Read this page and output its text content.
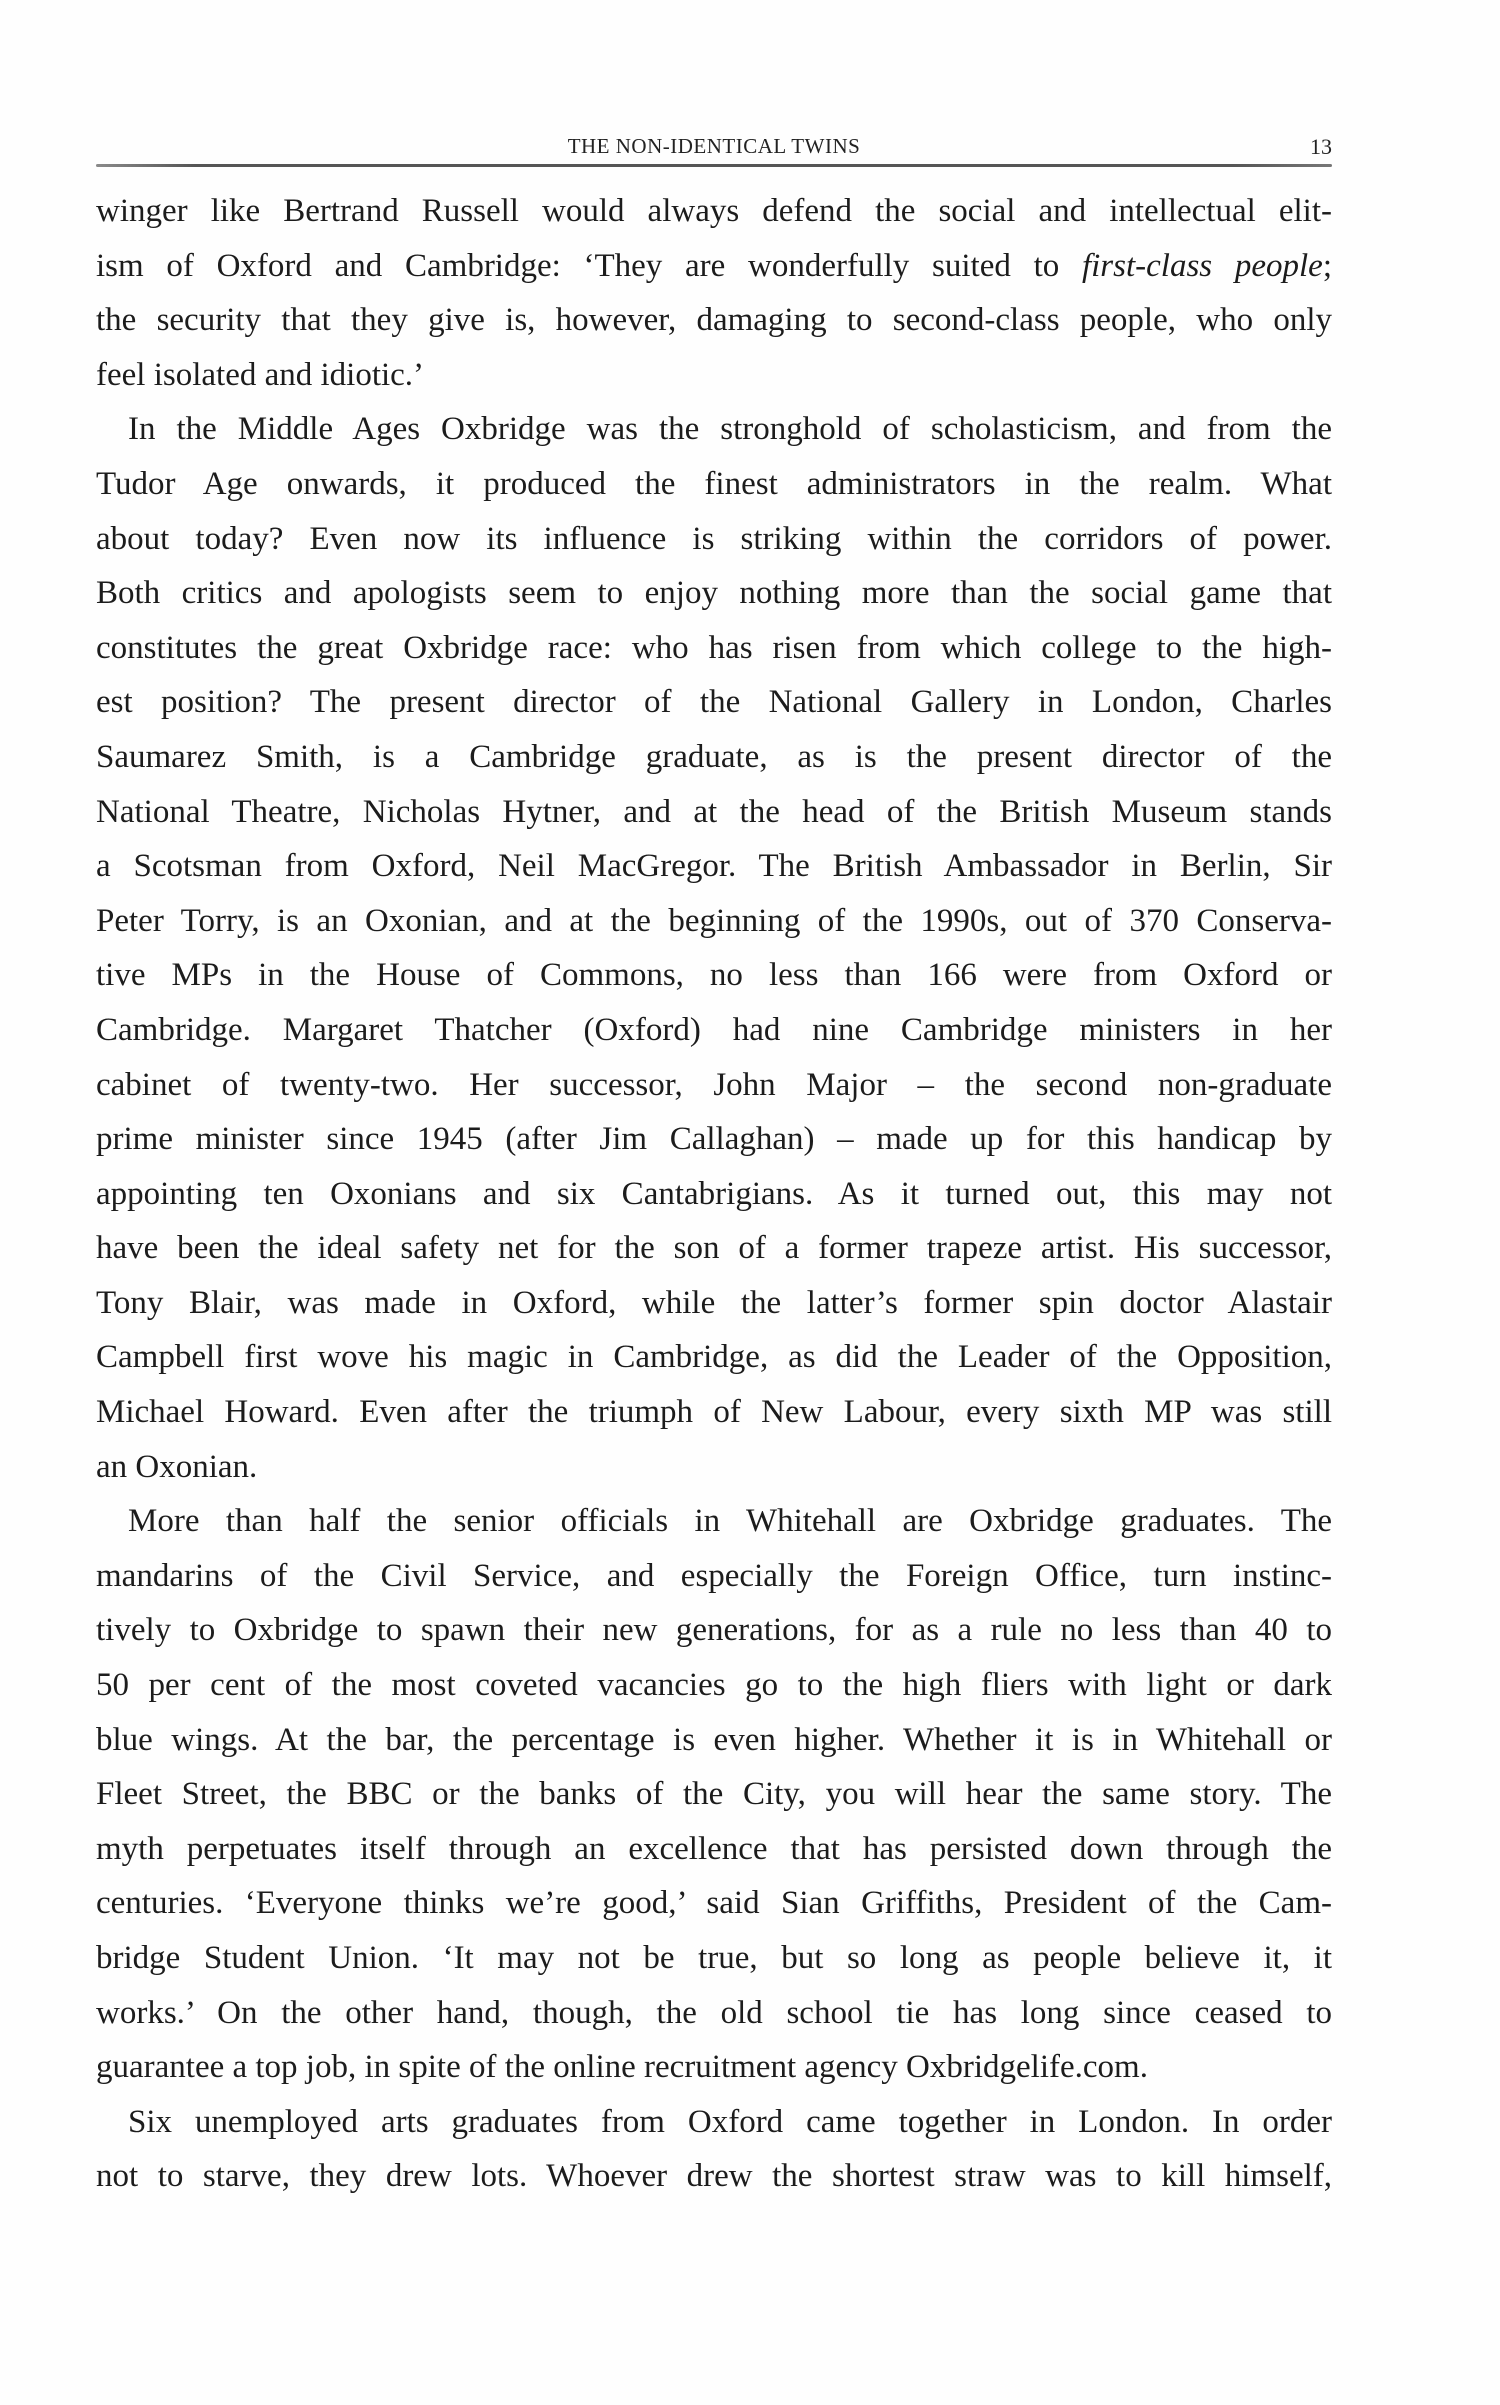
THE NON-IDENTICAL TWINS	13
winger like Bertrand Russell would always defend the social and intellectual elit-
ism of Oxford and Cambridge: ‘They are wonderfully suited to first-class people;
the security that they give is, however, damaging to second-class people, who only
feel isolated and idiotic.’
In the Middle Ages Oxbridge was the stronghold of scholasticism, and from the
Tudor Age onwards, it produced the finest administrators in the realm. What
about today? Even now its influence is striking within the corridors of power.
Both critics and apologists seem to enjoy nothing more than the social game that
constitutes the great Oxbridge race: who has risen from which college to the high-
est position? The present director of the National Gallery in London, Charles
Saumarez Smith, is a Cambridge graduate, as is the present director of the
National Theatre, Nicholas Hytner, and at the head of the British Museum stands
a Scotsman from Oxford, Neil MacGregor. The British Ambassador in Berlin, Sir
Peter Torry, is an Oxonian, and at the beginning of the 1990s, out of 370 Conserva-
tive MPs in the House of Commons, no less than 166 were from Oxford or
Cambridge. Margaret Thatcher (Oxford) had nine Cambridge ministers in her
cabinet of twenty-two. Her successor, John Major – the second non-graduate
prime minister since 1945 (after Jim Callaghan) – made up for this handicap by
appointing ten Oxonians and six Cantabrigians. As it turned out, this may not
have been the ideal safety net for the son of a former trapeze artist. His successor,
Tony Blair, was made in Oxford, while the latter’s former spin doctor Alastair
Campbell first wove his magic in Cambridge, as did the Leader of the Opposition,
Michael Howard. Even after the triumph of New Labour, every sixth MP was still
an Oxonian.
More than half the senior officials in Whitehall are Oxbridge graduates. The
mandarins of the Civil Service, and especially the Foreign Office, turn instinc-
tively to Oxbridge to spawn their new generations, for as a rule no less than 40 to
50 per cent of the most coveted vacancies go to the high fliers with light or dark
blue wings. At the bar, the percentage is even higher. Whether it is in Whitehall or
Fleet Street, the BBC or the banks of the City, you will hear the same story. The
myth perpetuates itself through an excellence that has persisted down through the
centuries. ‘Everyone thinks we’re good,’ said Sian Griffiths, President of the Cam-
bridge Student Union. ‘It may not be true, but so long as people believe it, it
works.’ On the other hand, though, the old school tie has long since ceased to
guarantee a top job, in spite of the online recruitment agency Oxbridgelife.com.
Six unemployed arts graduates from Oxford came together in London. In order
not to starve, they drew lots. Whoever drew the shortest straw was to kill himself,
